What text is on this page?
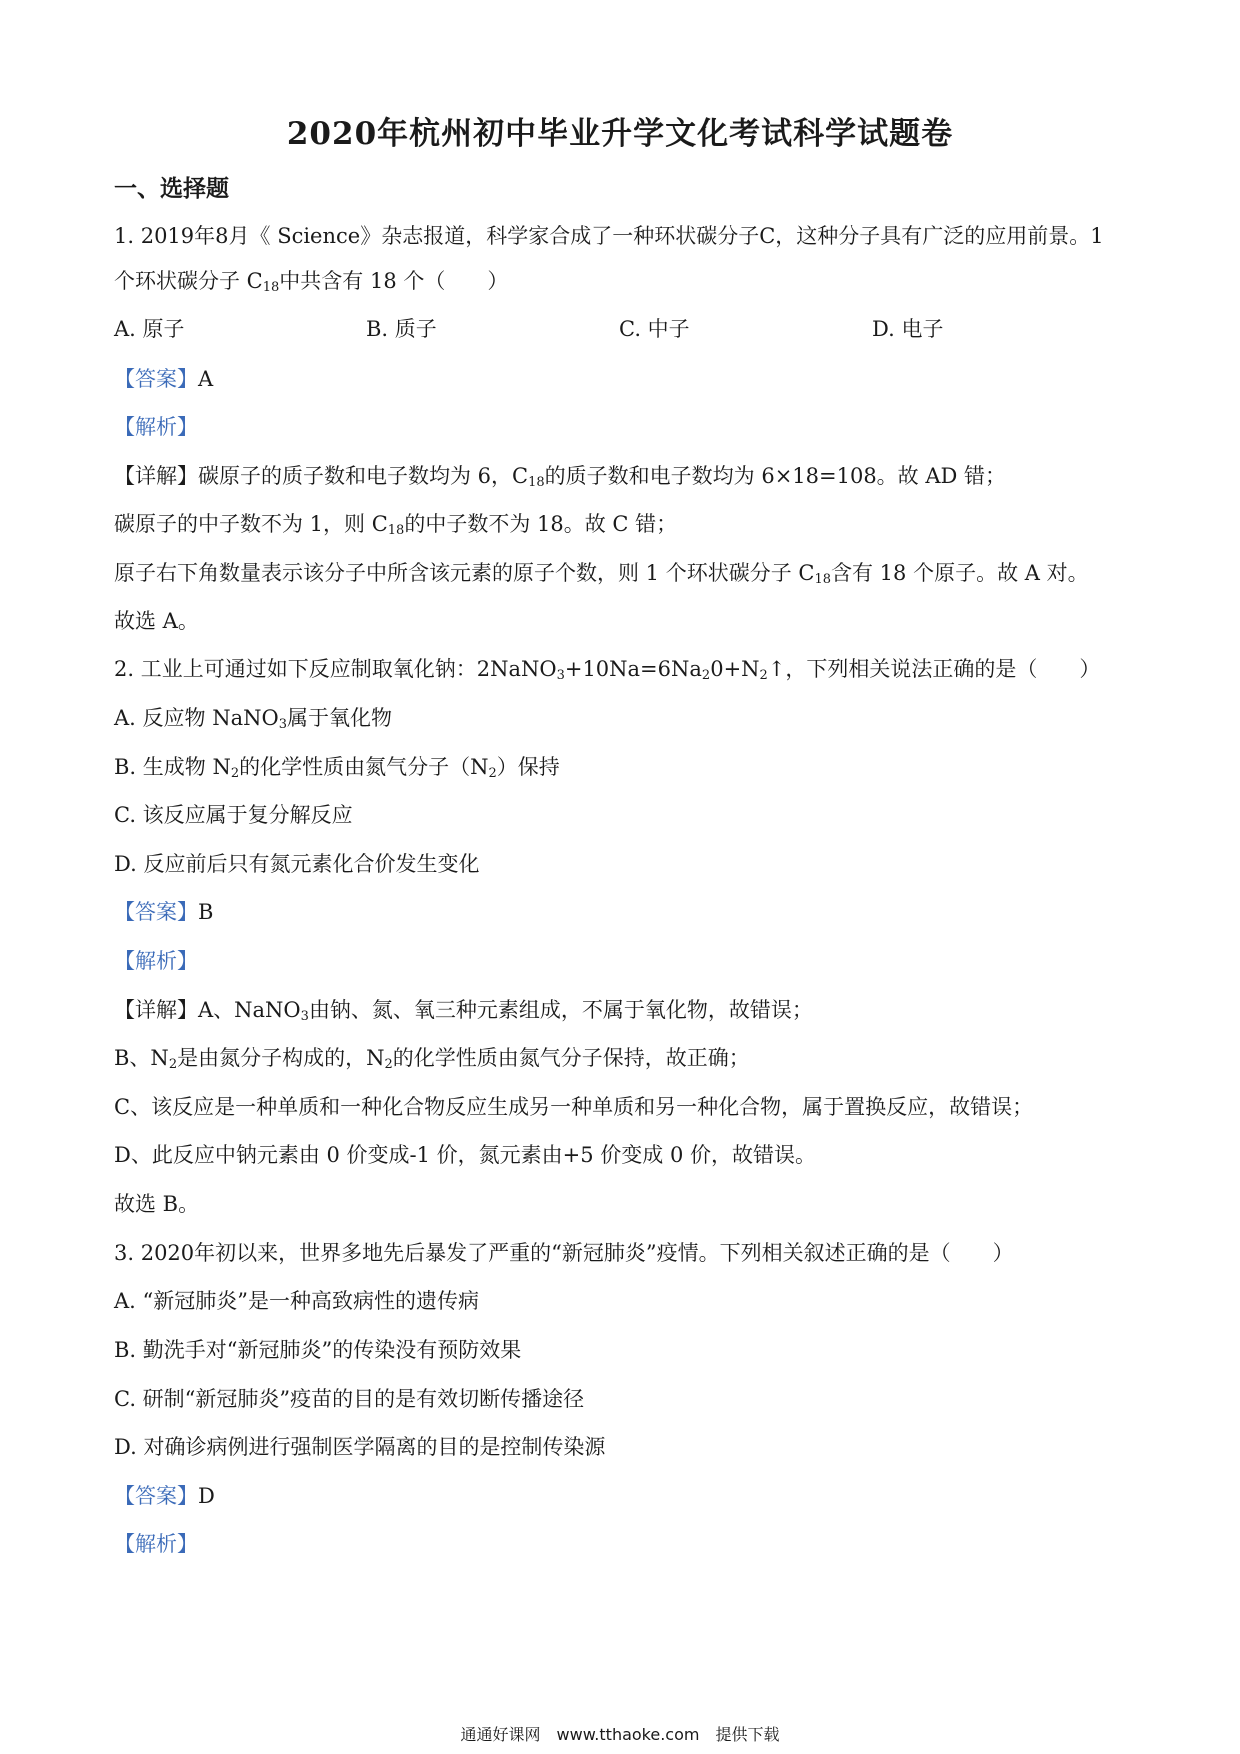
2020年杭州初中毕业升学文化考试科学试题卷
一、选择题
1. 2019年8月《 Science》杂志报道，科学家合成了一种环状碳分子C，这种分子具有广泛的应用前景。1
个环状碳分子 $C_{18}$中共含有 18 个（　　）
A. 原子	B. 质子	C. 中子	D. 电子
【答案】A
【解析】
【详解】碳原子的质子数和电子数均为 6，$C_{18}$的质子数和电子数均为 6×18=108。故 AD 错；
碳原子的中子数不为 1，则 $C_{18}$的中子数不为 18。故 C 错；
原子右下角数量表示该分子中所含该元素的原子个数，则 1 个环状碳分子 $C_{18}$含有 18 个原子。故 A 对。
故选 A。
2. 工业上可通过如下反应制取氧化钠：$2NaNO_3+10Na=6Na_20+N_2↑$，下列相关说法正确的是（　　）
A. 反应物 NaNO$_3$属于氧化物
B. 生成物 $N_2$的化学性质由氮气分子$(N_2)$保持
C. 该反应属于复分解反应
D. 反应前后只有氮元素化合价发生变化
【答案】B
【解析】
【详解】A、NaNO$_3$由钠、氮、氧三种元素组成，不属于氧化物，故错误；
B、$N_2$是由氮分子构成的，$N_2$的化学性质由氮气分子保持，故正确；
C、该反应是一种单质和一种化合物反应生成另一种单质和另一种化合物，属于置换反应，故错误；
D、此反应中钠元素由 0 价变成-1 价，氮元素由+5 价变成 0 价，故错误。
故选 B。
3. 2020年初以来，世界多地先后暴发了严重的“新冠肺炎”疫情。下列相关叙述正确的是（　　）
A. “新冠肺炎”是一种高致病性的遗传病
B. 勤洗手对“新冠肺炎”的传染没有预防效果
C. 研制“新冠肺炎”疫苗的目的是有效切断传播途径
D. 对确诊病例进行强制医学隔离的目的是控制传染源
【答案】D
【解析】
通通好课网　www.tthaoke.com　提供下载
